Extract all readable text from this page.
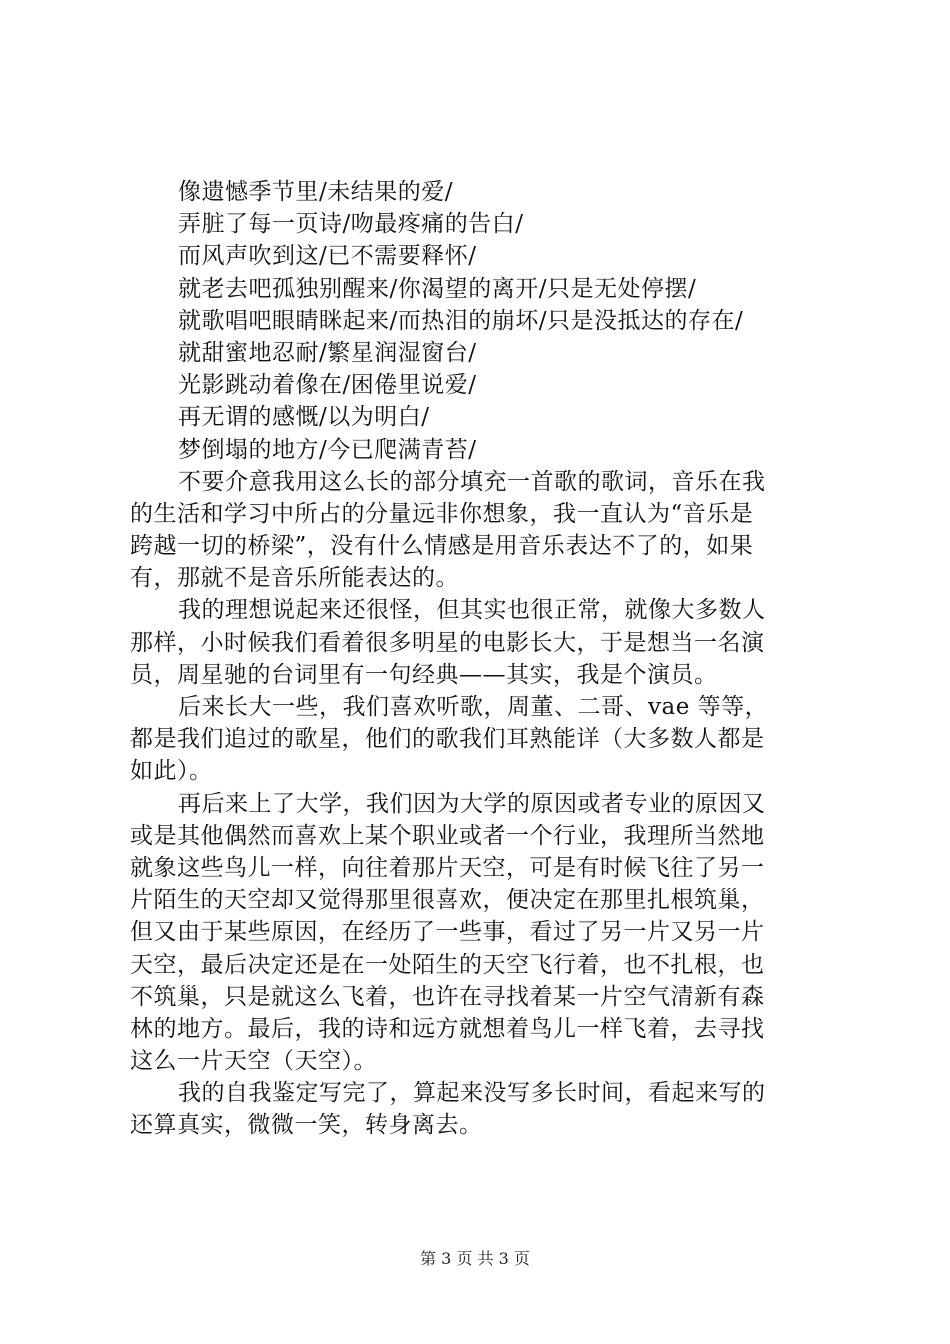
像遗憾季节里/未结果的爱/
弄脏了每一页诗/吻最疼痛的告白/
而风声吹到这/已不需要释怀/
就老去吧孤独别醒来/你渴望的离开/只是无处停摆/
就歌唱吧眼睛眯起来/而热泪的崩坏/只是没抵达的存在/
就甜蜜地忍耐/繁星润湿窗台/
光影跳动着像在/困倦里说爱/
再无谓的感慨/以为明白/
梦倒塌的地方/今已爬满青苔/
不要介意我用这么长的部分填充一首歌的歌词，音乐在我
的生活和学习中所占的分量远非你想象，我一直认为“音乐是
跨越一切的桥梁”，没有什么情感是用音乐表达不了的，如果
有，那就不是音乐所能表达的。
我的理想说起来还很怪，但其实也很正常，就像大多数人
那样，小时候我们看着很多明星的电影长大，于是想当一名演
员，周星驰的台词里有一句经典——其实，我是个演员。
后来长大一些，我们喜欢听歌，周董、二哥、vae 等等，
都是我们追过的歌星，他们的歌我们耳熟能详（大多数人都是
如此）。
再后来上了大学，我们因为大学的原因或者专业的原因又
或是其他偶然而喜欢上某个职业或者一个行业，我理所当然地
就象这些鸟儿一样，向往着那片天空，可是有时候飞往了另一
片陌生的天空却又觉得那里很喜欢，便决定在那里扎根筑巢，
但又由于某些原因，在经历了一些事，看过了另一片又另一片
天空，最后决定还是在一处陌生的天空飞行着，也不扎根，也
不筑巢，只是就这么飞着，也许在寻找着某一片空气清新有森
林的地方。最后，我的诗和远方就想着鸟儿一样飞着，去寻找
这么一片天空（天空）。
我的自我鉴定写完了，算起来没写多长时间，看起来写的
还算真实，微微一笑，转身离去。
第 3 页 共 3 页
